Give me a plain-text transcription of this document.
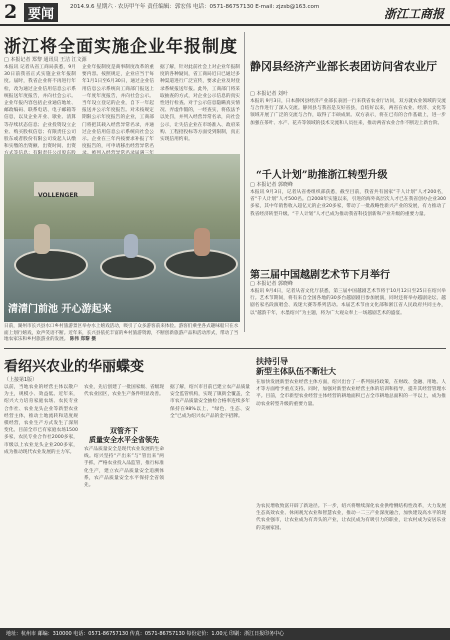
2 要闻	2014.9.6 星期六 · 农历甲午年 责任编辑：郭宏伟 电话：0571-86757130 E-mail: zjzsb@163.com	浙江工商报
浙江将全面实施企业年报制度
□ 本报记者 郑黎 通讯员 王洁 江文源
本报讯 记者从省工商局获悉，9月30日前我省正式实施企业年报制度。届时，我省企业将不再进行年检，改为通过企业信用信息公示系统报送年度报告，并向社会公示。企业年报内容包括企业通信地址、邮政编码、联系电话、电子邮箱等信息，以及企业开业、歇业、清算等存续状态信息；企业投资设立企业、购买股权信息；有限责任公司股东或者股份有限公司发起人认缴和实缴的出资额、出资时间、出资
企业年报制度是商事制度改革的重要内容。按照规定，企业应当于每年1月1日至6月30日，通过企业信用信息公示系统向工商部门报送上一年度年度报告，并向社会公示。当年设立登记的企业，自下一年起报送并公示年度报告。对未按规定期限公示年度报告的企业，工商部门将把其载入经营异常名录，并通过企业信用信息公示系统向社会公示。企业在三年内按要求补报了年度报告的，可申请移出经营异常名
据了解，针对此前社会上对企业年报制度的各种疑问，省工商局近日已通过多种渠道进行广泛宣传，要求企业及时登录系统报送年报。此外，工商部门将采取抽查的方式，对企业公示信息的真实性进行检查。对于公示信息隐瞒真实情况、弄虚作假的，一经查实，将依法予以处罚，并列入经营异常名录，向社会公示，让失信企业在市场准入、政府采购、工程招投标等方面受到限制，真正实现信用约束。
VOLLENGER
清清门前池 开心游起来
日前，湖州市长兴县水口乡村旅游景区举办水上嬉戏活动，吸引了众多游客前来体验。游客们乘坐各式趣味船只在水面上划行嬉戏，欢声笑语不断。近年来，长兴县依托丰富的乡村旅游资源，不断创新旅游产品和活动形式，带动了当地农家乐和乡村旅游业的发展。 陈伟 郑黎 摄
静冈县经济产业部长表团访问省农业厅
□ 本报记者 刘叶
本报讯 9月3日，日本静冈县经济产业部长表团一行来我省农业厅访问，双方就农业领域的交流与合作进行了深入交流。静冈县与我省是友好省县，自结好以来，两省在农业、经济、文化等领域开展了广泛的交流与合作，取得了丰硕成果。双方表示，将在已有的合作基础上，进一步加强在茶叶、水产、花卉等领域的技术交流和人员往来，推动两省农业合作不断迈上新台阶。
“千人计划”助推浙江转型升级
□ 本报记者 郭晓峰
本报讯 9月3日，记者从省委组织部获悉，截至目前，我省共有国家“千人计划”人才200名，省“千人计划”人才500名。自2008年实施以来，引进的海外高层次人才已在我省创办企业300多家，其中年销售收入超亿元的企业20多家，带动了一批战略性新兴产业的发展，有力推动了我省经济转型升级。“千人计划”人才已成为推动我省科技创新和产业升级的重要力量。
第三届中国越剧艺术节下月举行
□ 本报记者 郭晓峰
本报讯 9月4日，记者从省文化厅获悉，第三届中国越剧艺术节将于10月12日至25日在绍兴举行。艺术节期间，将有来自全国各地的30多台越剧剧目参加展演，同时还将举办越剧论坛、越剧名家名段演唱会、戏迷大赛等系列活动。本届艺术节由文化部和浙江省人民政府共同主办，以“越韵千年，水墨绍兴”为主题，将为广大观众奉上一场越剧艺术的盛宴。
看绍兴农业的华丽蝶变
（上接第1版）
以前，当地农业的经营主体以散户为主，规模小、效益低。近年来，绍兴大力培育家庭农场、农民专业合作社、农业龙头企业等新型农业经营主体，推动土地流转和适度规模经营，农业生产方式发生了深刻变化。目前全市已有家庭农场1500多家，农民专业合作社2000多家，市级以上农业龙头企业200多家，成为推动现代农业发展的主力军。
农业，先后创建了一批国家级、省级现代农业园区，农业生产条件明显改善。
双管齐下
质量安全水平全省领先
农产品质量安全是现代农业发展的生命线。绍兴坚持“产出来”与“管出来”两手抓，严格农业投入品监管，推行标准化生产，建立农产品质量安全追溯体系，农产品质量安全水平保持全省领先。
据了解，绍兴市目前已建立农产品质量安全监管机构，实现了镇街全覆盖，全市农产品质量安全抽检合格率连续多年保持在98%以上，“绿色、生态、安全”已成为绍兴农产品的金字招牌。
扶持引导
新型主体队伍不断壮大
在加快发展新型农业经营主体方面，绍兴出台了一系列扶持政策，在财政、金融、用地、人才等方面给予重点支持。同时，加强对新型农业经营主体的培训和指导，提升其经营管理水平。目前，全市新型农业经营主体经营的耕地面积已占全市耕地总面积的一半以上，成为推动农业转型升级的重要力量。
为农民增收致富开辟了新途径。下一步，绍兴将继续深化农业供给侧结构性改革，大力发展生态高效农业、休闲观光农业和智慧农业，推动一二三产业深度融合，加快建设高水平的现代农业强市，让农业成为有奔头的产业，让农民成为有吸引力的职业，让农村成为安居乐业的美丽家园。
地址：杭州市 邮编：310000 电话：0571-86757130 传真：0571-86757130 每份定价：1.00元 印刷：浙江日报印务中心
